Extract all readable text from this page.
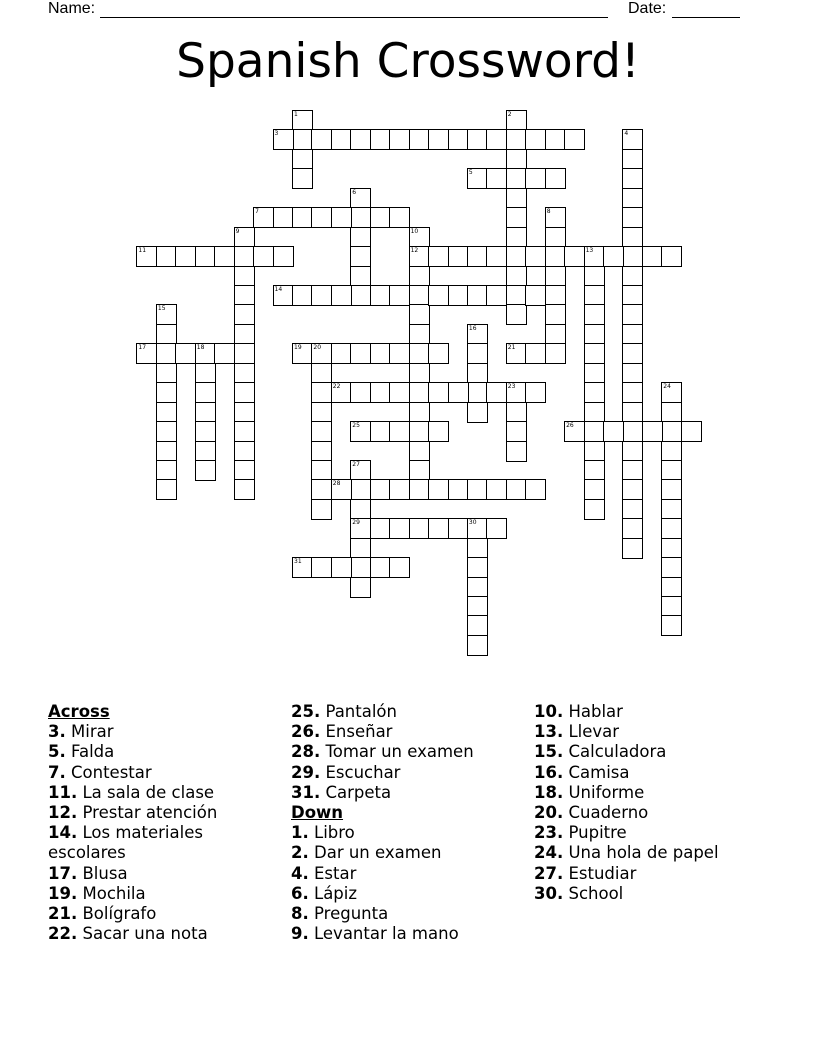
Name:	Date:
Spanish Crossword!
1	2
3	4
5
6
7	8
9	10
12
11	13
14
15
16
17	18	19 20	21
22	23	24
25	26
27
29
28
30
31
Across
3. Mirar
5. Falda
7. Contestar
11. La sala de clase
12. Prestar atención
14. Los materiales escolares
17. Blusa
19. Mochila
21. Bolígrafo
22. Sacar una nota
25. Pantalón
26. Enseñar
28. Tomar un examen
29. Escuchar
31. Carpeta
Down
1. Libro
2. Dar un examen
4. Estar
6. Lápiz
8. Pregunta
9. Levantar la mano
10. Hablar
13. Llevar
15. Calculadora
16. Camisa
18. Uniforme
20. Cuaderno
23. Pupitre
24. Una hola de papel
27. Estudiar
30. School
